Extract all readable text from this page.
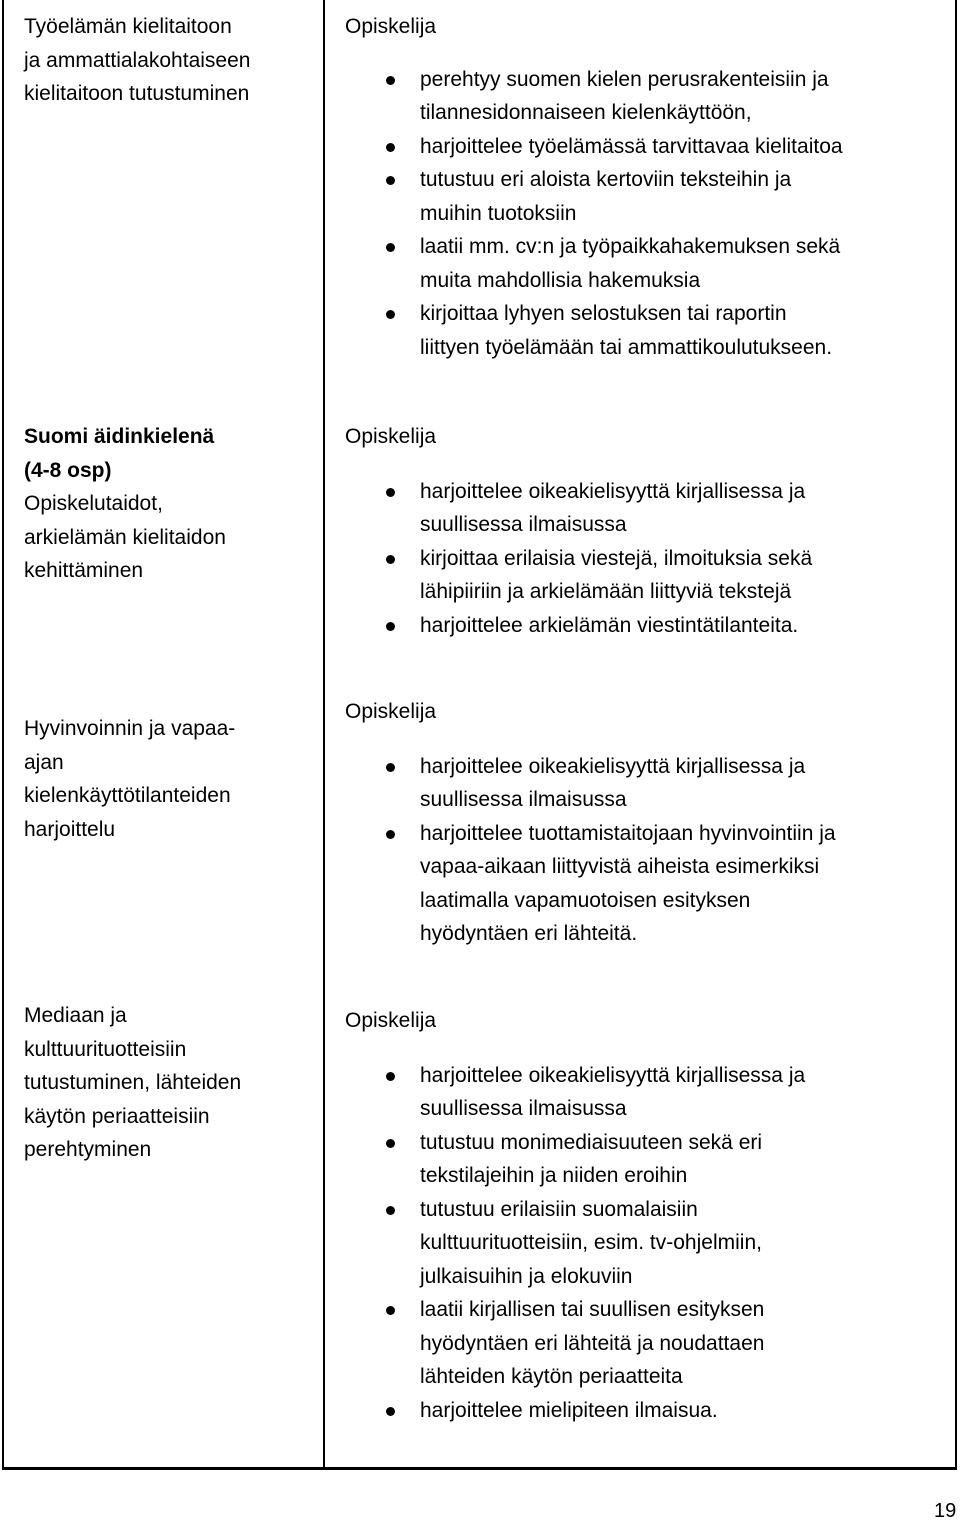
Työelämän kielitaitoon
ja ammattialakohtaiseen
kielitaitoon tutustuminen
Opiskelija
perehtyy suomen kielen perusrakenteisiin ja
tilannesidonnaiseen kielenkäyttöön,
harjoittelee työelämässä tarvittavaa kielitaitoa
tutustuu eri aloista kertoviin teksteihin ja
muihin tuotoksiin
laatii mm. cv:n ja työpaikkahakemuksen sekä
muita mahdollisia hakemuksia
kirjoittaa lyhyen selostuksen tai raportin
liittyen työelämään tai ammattikoulutukseen.
Suomi äidinkielenä
(4-8 osp)
Opiskelutaidot,
arkielämän kielitaidon
kehittäminen
Opiskelija
harjoittelee oikeakielisyyttä kirjallisessa ja
suullisessa ilmaisussa
kirjoittaa erilaisia viestejä, ilmoituksia sekä
lähipiiriin ja arkielämään liittyviä tekstejä
harjoittelee arkielämän viestintätilanteita.
Hyvinvoinnin ja vapaa-
ajan
kielenkäyttötilanteiden
harjoittelu
Opiskelija
harjoittelee oikeakielisyyttä kirjallisessa ja
suullisessa ilmaisussa
harjoittelee tuottamistaitojaan hyvinvointiin ja
vapaa-aikaan liittyvistä aiheista esimerkiksi
laatimalla vapamuotoisen esityksen
hyödyntäen eri lähteitä.
Mediaan ja
kulttuurituotteisiin
tutustuminen, lähteiden
käytön periaatteisiin
perehtyminen
Opiskelija
harjoittelee oikeakielisyyttä kirjallisessa ja
suullisessa ilmaisussa
tutustuu monimediaisuuteen sekä eri
tekstilajeihin ja niiden eroihin
tutustuu erilaisiin suomalaisiin
kulttuurituotteisiin, esim. tv-ohjelmiin,
julkaisuihin ja elokuviin
laatii kirjallisen tai suullisen esityksen
hyödyntäen eri lähteitä ja noudattaen
lähteiden käytön periaatteita
harjoittelee mielipiteen ilmaisua.
19
